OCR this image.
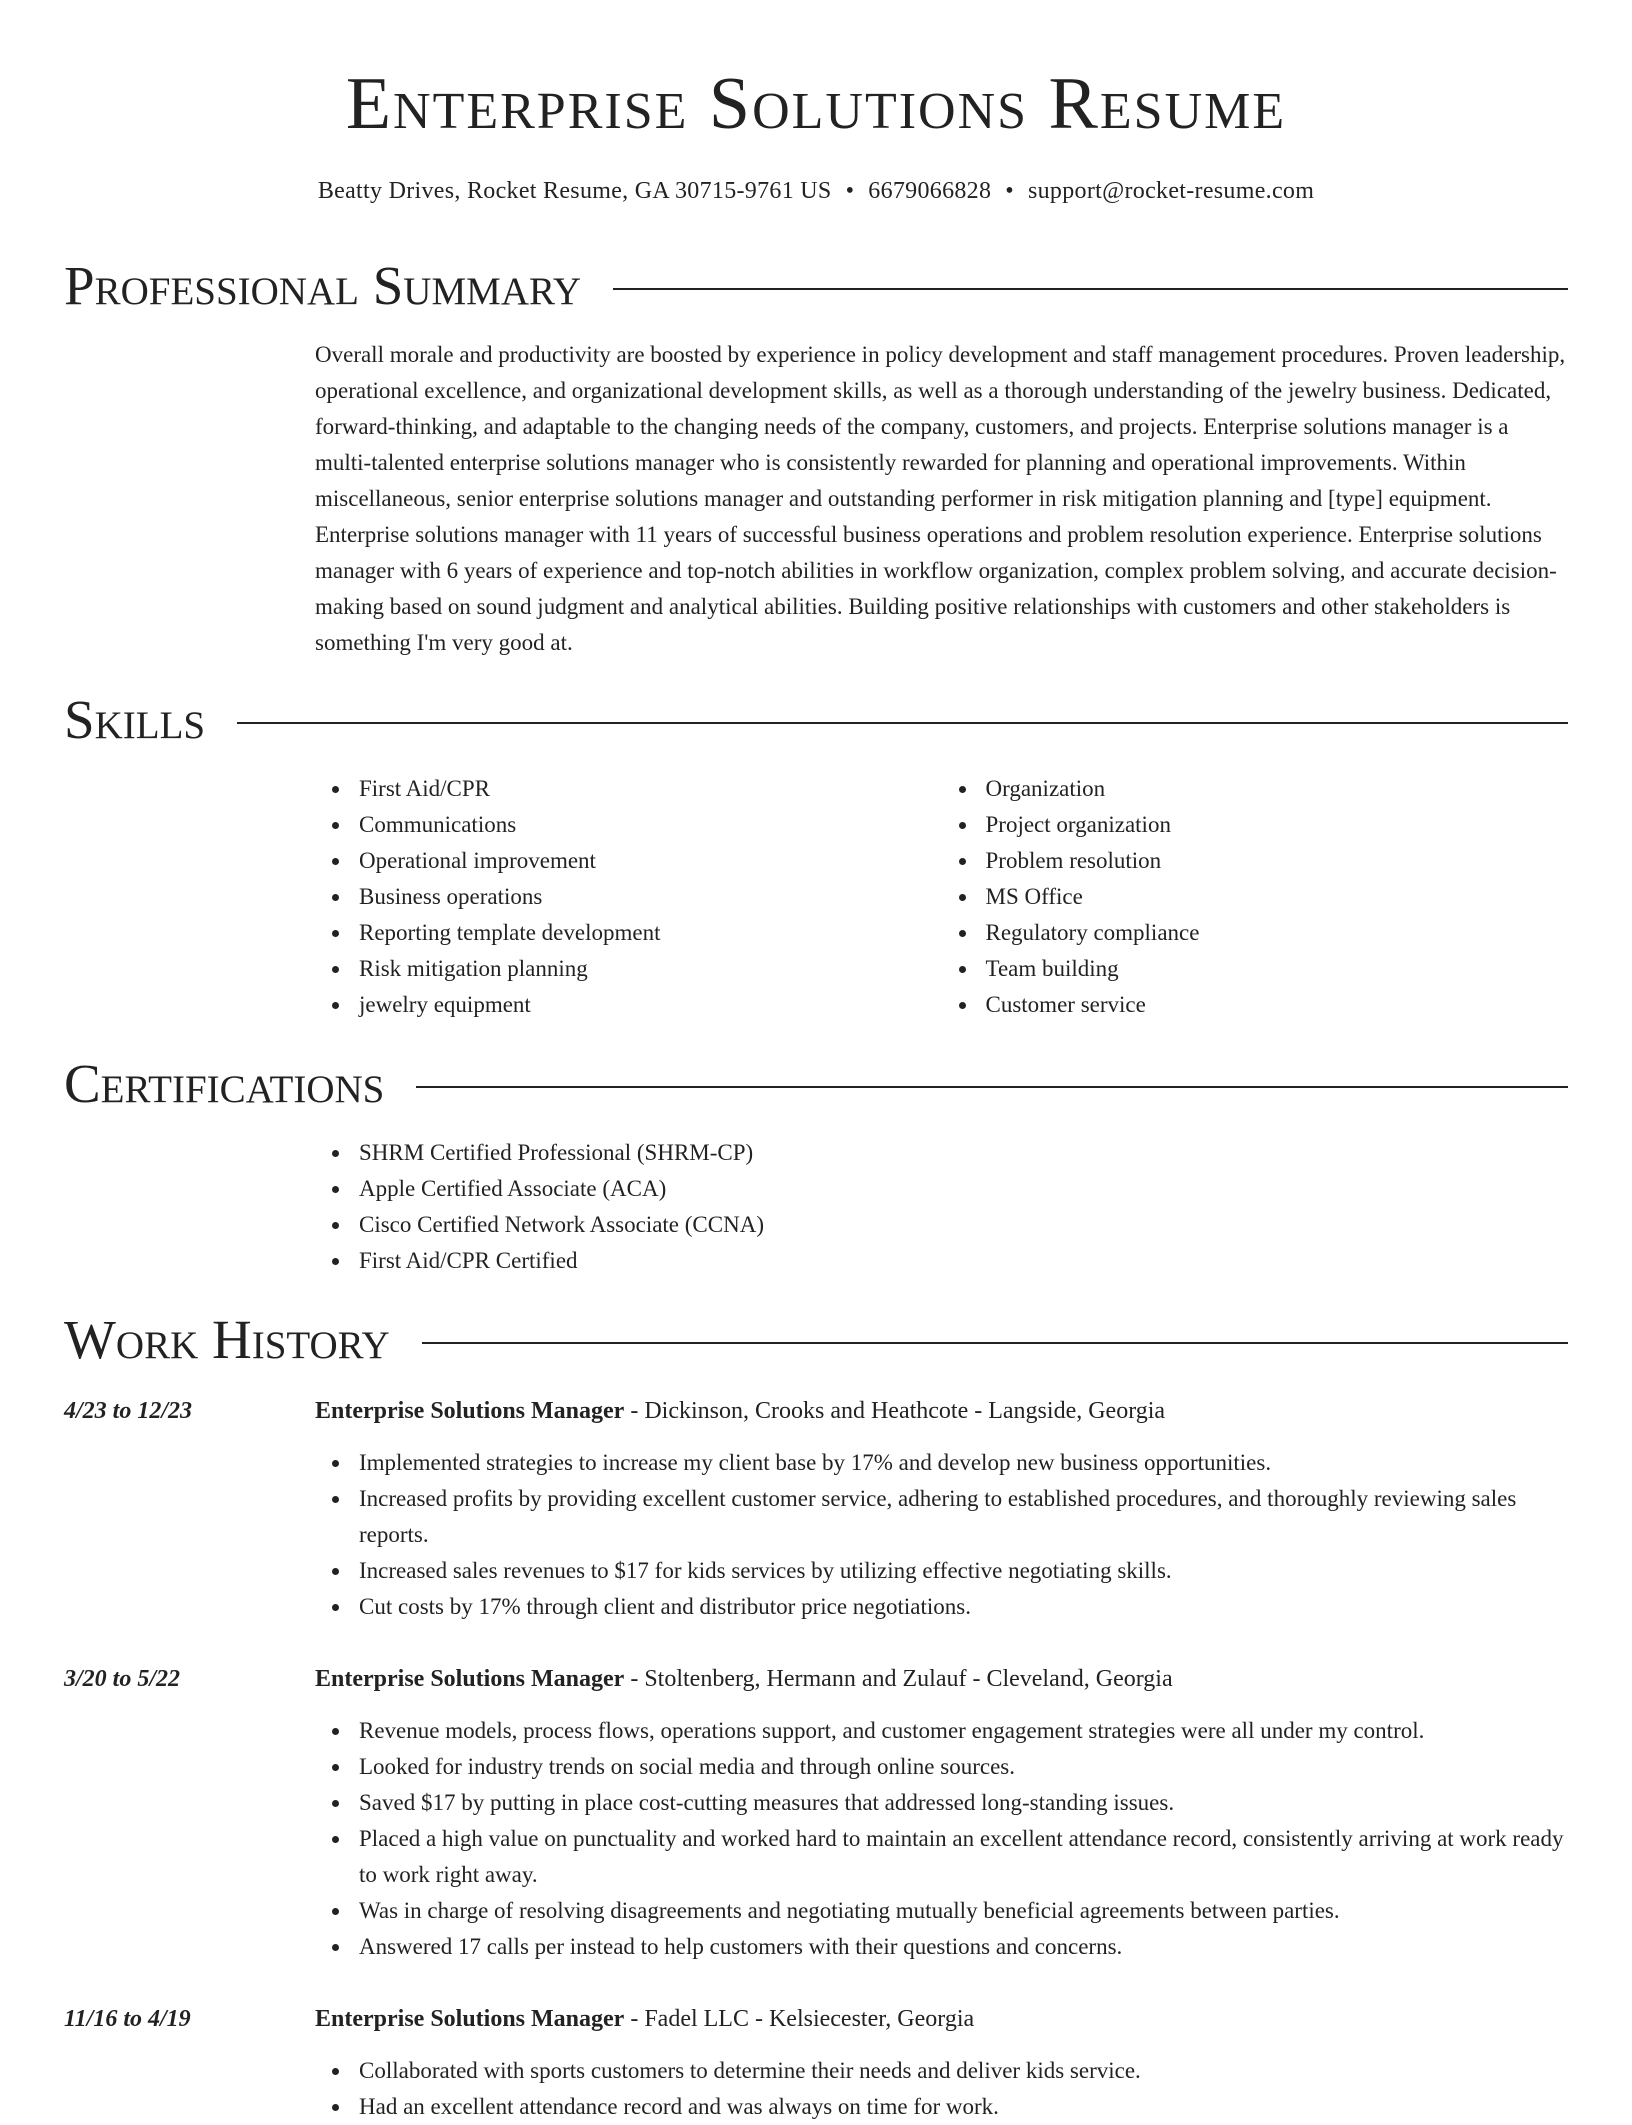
Enterprise Solutions Resume
Beatty Drives, Rocket Resume, GA 30715-9761 US • 6679066828 • support@rocket-resume.com
Professional Summary

Overall morale and productivity are boosted by experience in policy development and staff management procedures. Proven leadership, operational excellence, and organizational development skills, as well as a thorough understanding of the jewelry business. Dedicated, forward-thinking, and adaptable to the changing needs of the company, customers, and projects. Enterprise solutions manager is a multi-talented enterprise solutions manager who is consistently rewarded for planning and operational improvements. Within miscellaneous, senior enterprise solutions manager and outstanding performer in risk mitigation planning and [type] equipment. Enterprise solutions manager with 11 years of successful business operations and problem resolution experience. Enterprise solutions manager with 6 years of experience and top-notch abilities in workflow organization, complex problem solving, and accurate decision-making based on sound judgment and analytical abilities. Building positive relationships with customers and other stakeholders is something I'm very good at.

Skills
First Aid/CPR
Communications
Operational improvement
Business operations
Reporting template development
Risk mitigation planning
jewelry equipment
Organization
Project organization
Problem resolution
MS Office
Regulatory compliance
Team building
Customer service
Certifications
SHRM Certified Professional (SHRM-CP)
Apple Certified Associate (ACA)
Cisco Certified Network Associate (CCNA)
First Aid/CPR Certified
Work History
4/23 to 12/23	Enterprise Solutions Manager - Dickinson, Crooks and Heathcote - Langside, Georgia
Implemented strategies to increase my client base by 17% and develop new business opportunities.
Increased profits by providing excellent customer service, adhering to established procedures, and thoroughly reviewing sales reports.
Increased sales revenues to $17 for kids services by utilizing effective negotiating skills.
Cut costs by 17% through client and distributor price negotiations.
3/20 to 5/22	Enterprise Solutions Manager - Stoltenberg, Hermann and Zulauf - Cleveland, Georgia
Revenue models, process flows, operations support, and customer engagement strategies were all under my control.
Looked for industry trends on social media and through online sources.
Saved $17 by putting in place cost-cutting measures that addressed long-standing issues.
Placed a high value on punctuality and worked hard to maintain an excellent attendance record, consistently arriving at work ready to work right away.
Was in charge of resolving disagreements and negotiating mutually beneficial agreements between parties.
Answered 17 calls per instead to help customers with their questions and concerns.
11/16 to 4/19	Enterprise Solutions Manager - Fadel LLC - Kelsiecester, Georgia
Collaborated with sports customers to determine their needs and deliver kids service.
Had an excellent attendance record and was always on time for work.
